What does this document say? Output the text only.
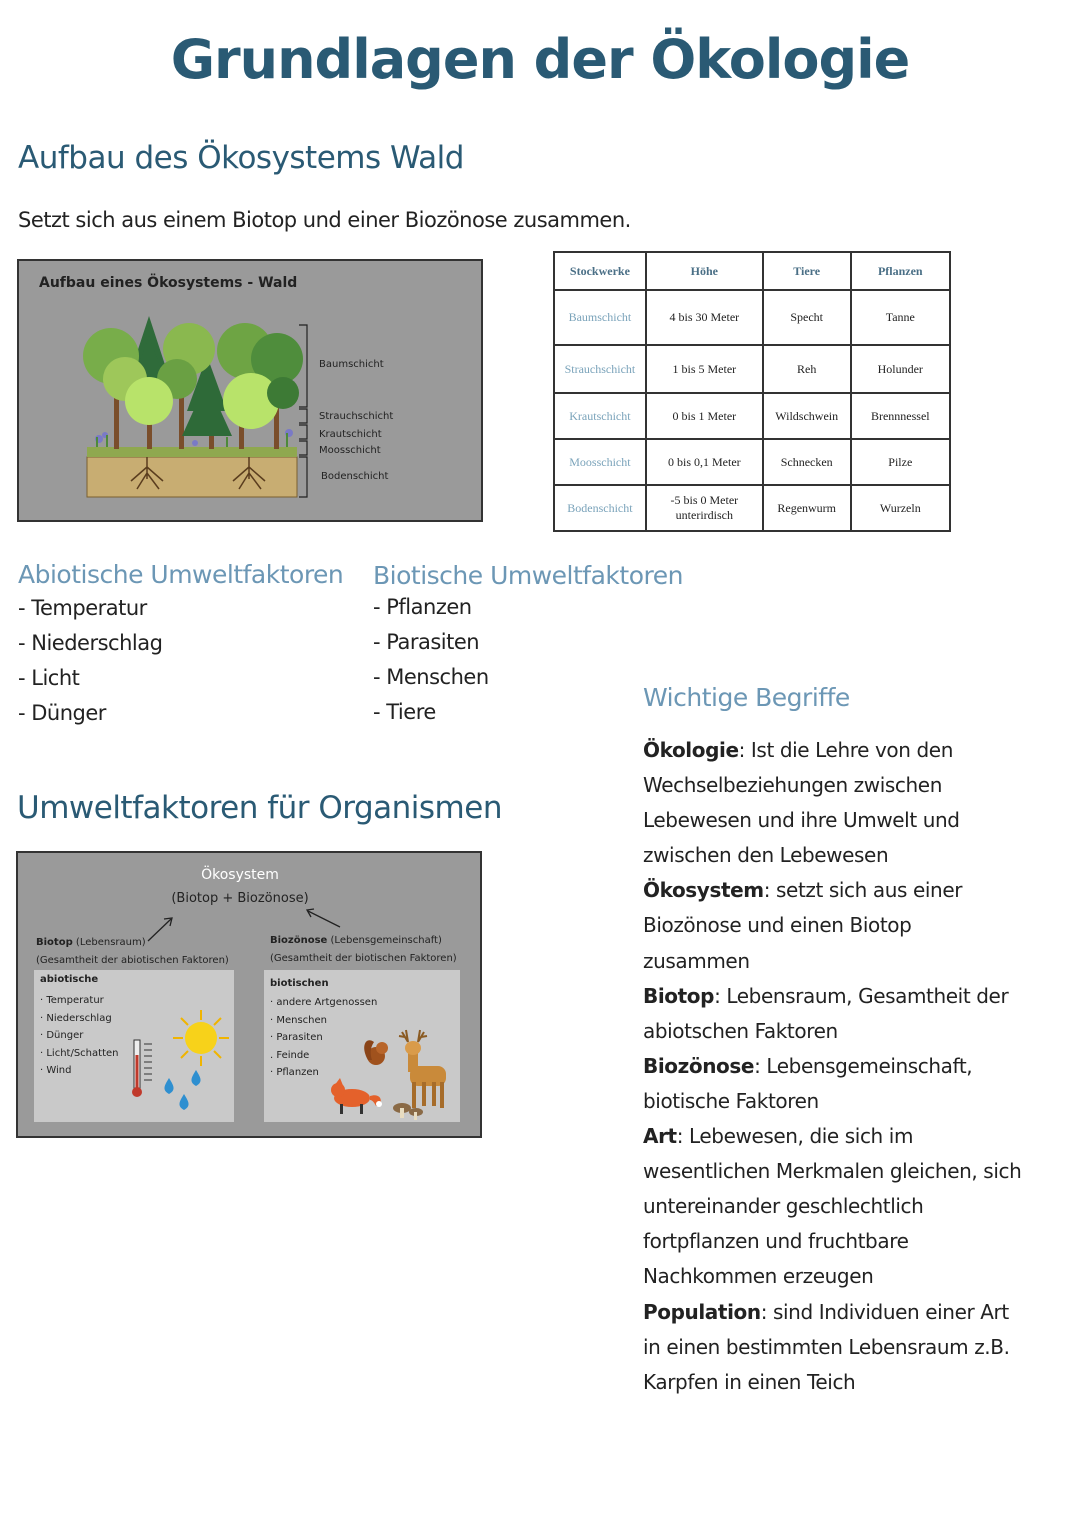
Grundlagen der Ökologie
Aufbau des Ökosystems Wald
Setzt sich aus einem Biotop und einer Biozönose zusammen.
Aufbau eines Ökosystems - Wald
Baumschicht
Strauchschicht
Krautschicht
Moosschicht
Bodenschicht
Stockwerke	Höhe	Tiere	Pflanzen
Baumschicht	4 bis 30 Meter	Specht	Tanne
Strauchschicht	1 bis 5 Meter	Reh	Holunder
Krautschicht	0 bis 1 Meter	Wildschwein	Brennnessel
Moosschicht	0 bis 0,1 Meter	Schnecken	Pilze
Bodenschicht	-5 bis 0 Meter unterirdisch	Regenwurm	Wurzeln
Abiotische Umweltfaktoren
- Temperatur
- Niederschlag
- Licht
- Dünger
Biotische Umweltfaktoren
- Pflanzen
- Parasiten
- Menschen
- Tiere
Umweltfaktoren für Organismen
Ökosystem
(Biotop + Biozönose)
Biotop (Lebensraum)
(Gesamtheit der abiotischen Faktoren)
Biozönose (Lebensgemeinschaft)
(Gesamtheit der biotischen Faktoren)
abiotische
· Temperatur
· Niederschlag
· Dünger
· Licht/Schatten
· Wind
biotischen
· andere Artgenossen
· Menschen
· Parasiten
. Feinde
· Pflanzen
Wichtige Begriffe
Ökologie: Ist die Lehre von den Wechselbeziehungen zwischen Lebewesen und ihre Umwelt und zwischen den Lebewesen
Ökosystem: setzt sich aus einer Biozönose und einen Biotop zusammen
Biotop: Lebensraum, Gesamtheit der abiotschen Faktoren
Biozönose: Lebensgemeinschaft, biotische Faktoren
Art: Lebewesen, die sich im wesentlichen Merkmalen gleichen, sich untereinander geschlechtlich fortpflanzen und fruchtbare Nachkommen erzeugen
Population: sind Individuen einer Art in einen bestimmten Lebensraum z.B. Karpfen in einen Teich
